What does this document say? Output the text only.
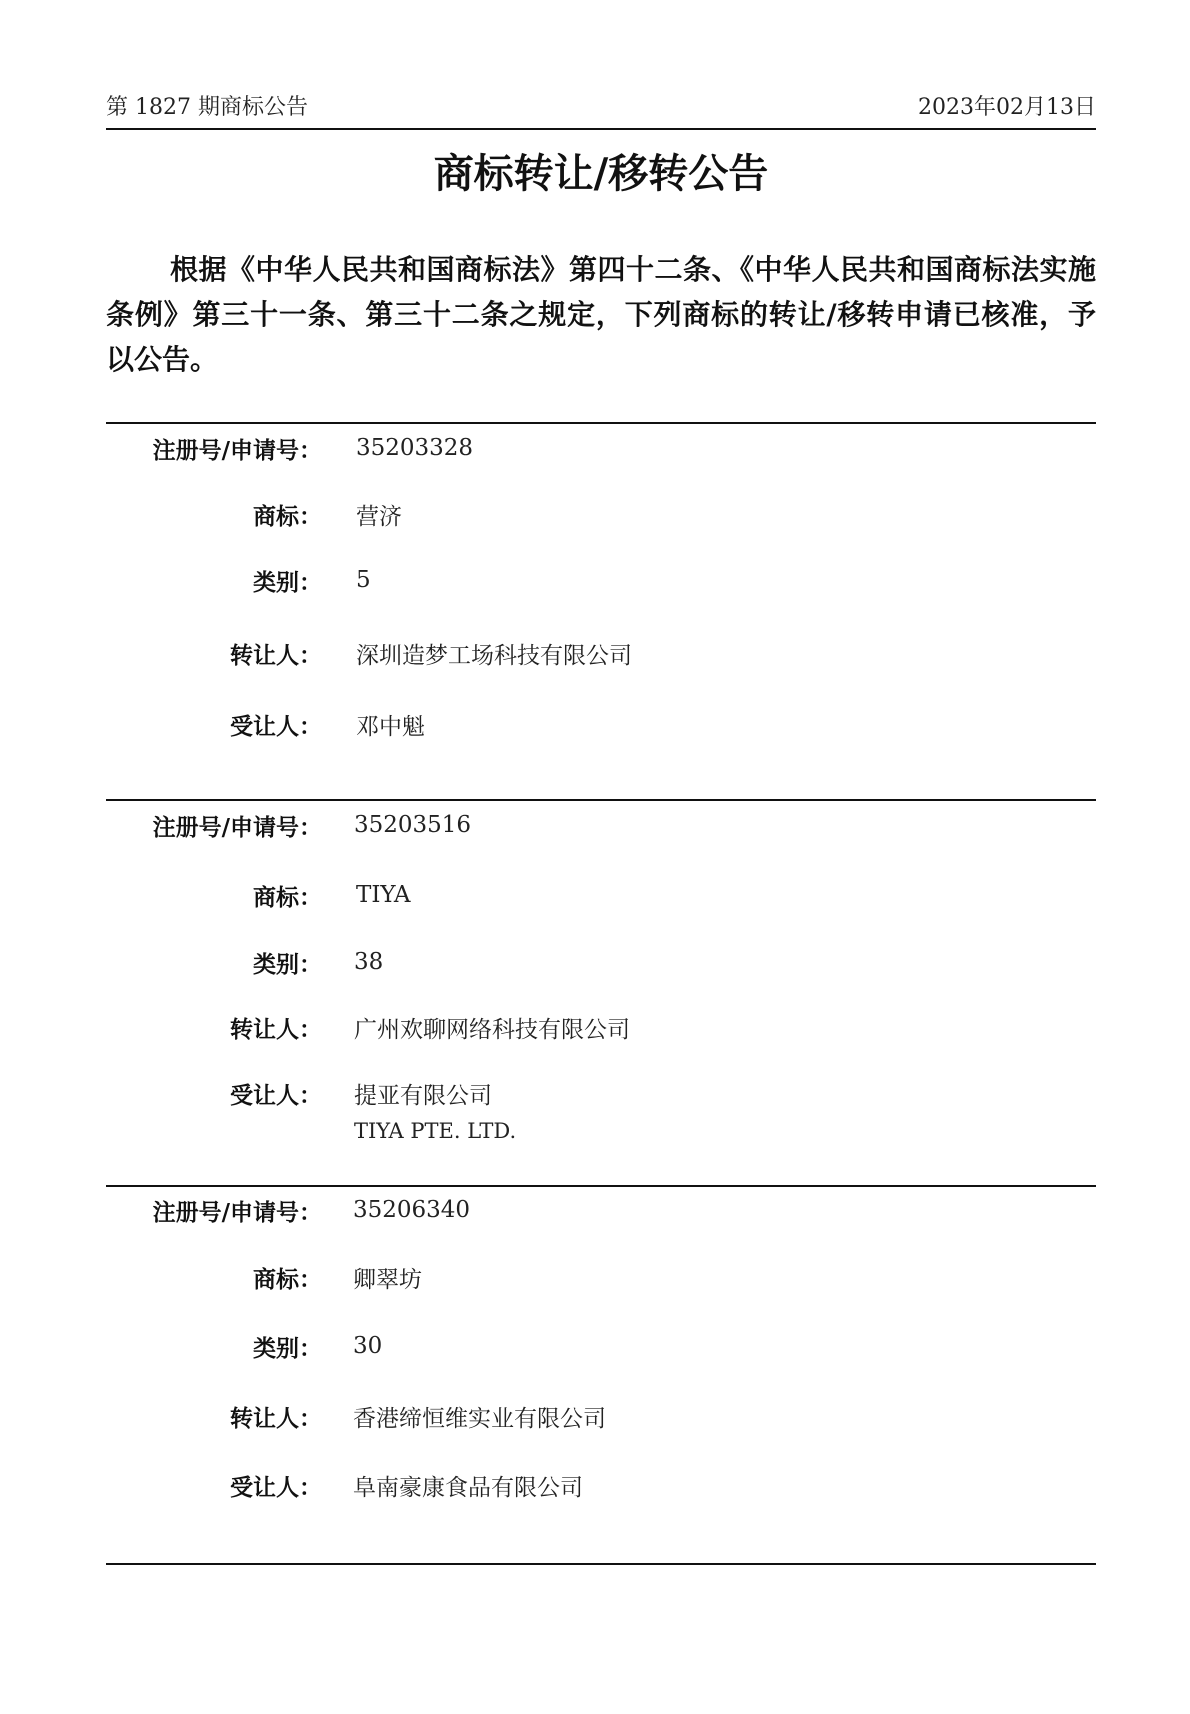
第 1827 期商标公告	2023年02月13日
商标转让/移转公告
根据《中华人民共和国商标法》第四十二条、《中华人民共和国商标法实施条例》第三十一条、第三十二条之规定，下列商标的转让/移转申请已核准，予以公告。
注册号/申请号： 35203328
商标： 营济
类别： 5
转让人： 深圳造梦工场科技有限公司
受让人： 邓中魁
注册号/申请号： 35203516
商标： TIYA
类别： 38
转让人： 广州欢聊网络科技有限公司
受让人： 提亚有限公司
TIYA PTE. LTD.
注册号/申请号： 35206340
商标： 卿翠坊
类别： 30
转让人： 香港缔恒维实业有限公司
受让人： 阜南豪康食品有限公司
